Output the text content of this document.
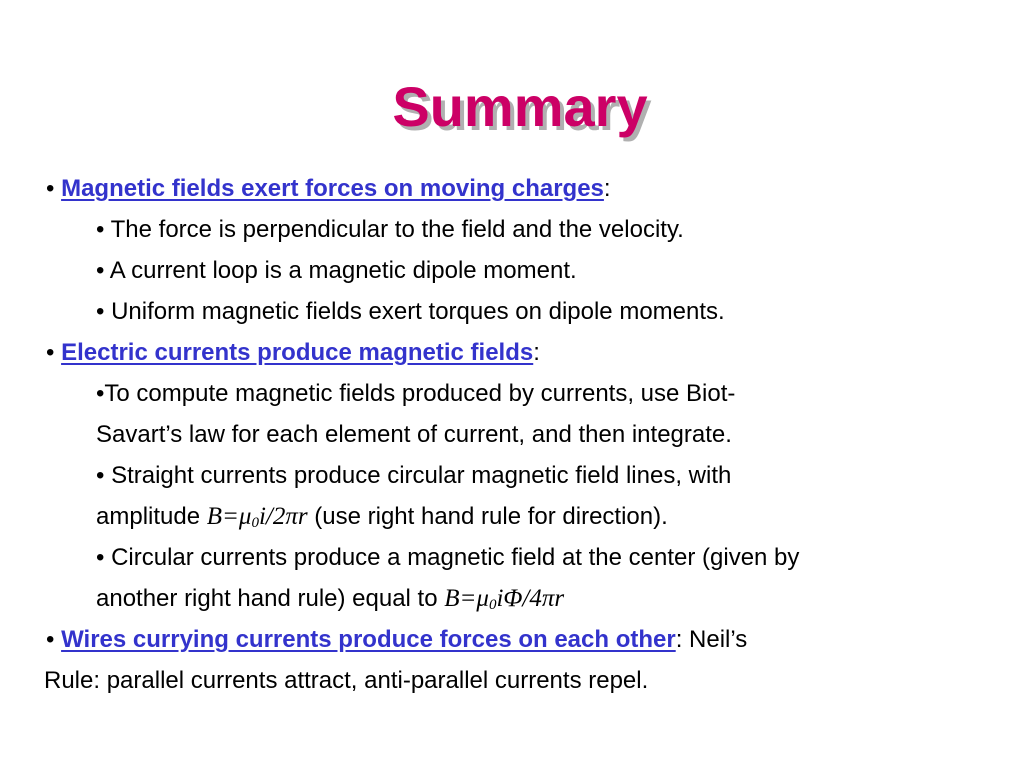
Summary
• Magnetic fields exert forces on moving charges:
• The force is perpendicular to the field and the velocity.
• A current loop is a magnetic dipole moment.
• Uniform magnetic fields exert torques on dipole moments.
• Electric currents produce magnetic fields:
•To compute magnetic fields produced by currents, use Biot-
Savart’s law for each element of current, and then integrate.
• Straight currents produce circular magnetic field lines, with
amplitude $B=\mu_0i/2\pi r$ (use right hand rule for direction).
• Circular currents produce a magnetic field at the center (given by
another right hand rule) equal to $B=\mu_0i\Phi/4\pi r$
• Wires currying currents produce forces on each other: Neil’s
Rule: parallel currents attract, anti-parallel currents repel.
